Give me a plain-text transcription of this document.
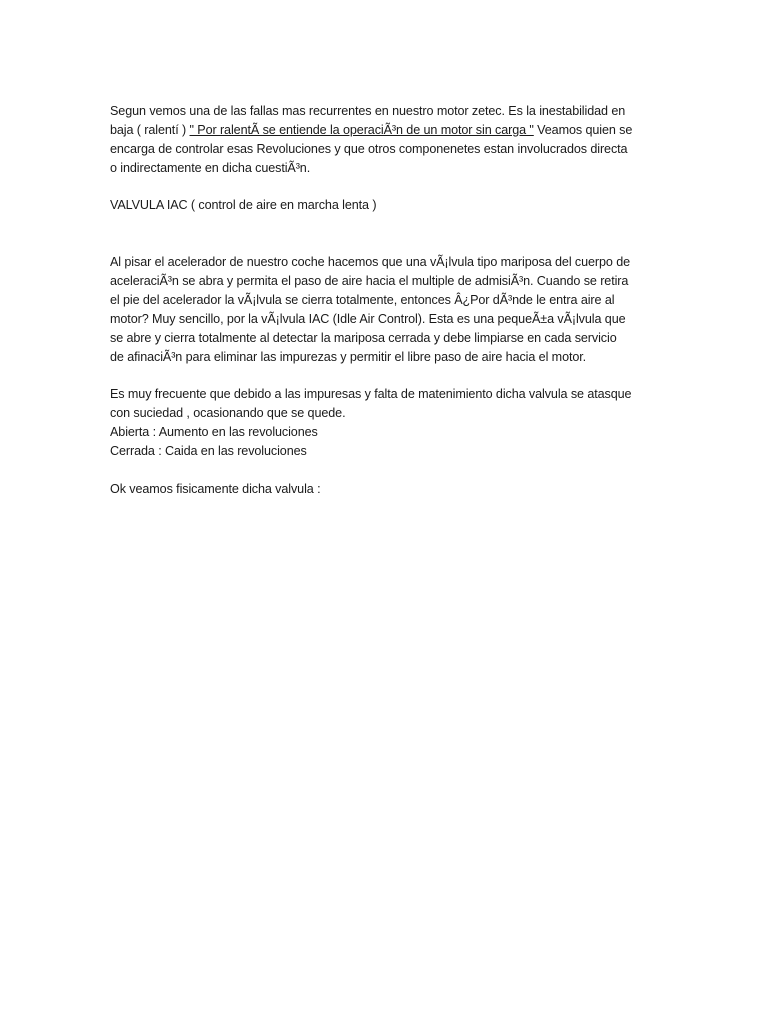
Segun vemos una de las fallas mas recurrentes en nuestro motor zetec. Es la inestabilidad en
baja ( ralentí ) " Por ralentÃ se entiende la operaciÃ³n de un motor sin carga " Veamos quien se
encarga de controlar esas Revoluciones y que otros componenetes estan involucrados directa
o indirectamente en dicha cuestiÃ³n.
VALVULA IAC ( control de aire en marcha lenta )
Al pisar el acelerador de nuestro coche hacemos que una vÃ¡lvula tipo mariposa del cuerpo de
aceleraciÃ³n se abra y permita el paso de aire hacia el multiple de admisiÃ³n. Cuando se retira
el pie del acelerador la vÃ¡lvula se cierra totalmente, entonces Â¿Por dÃ³nde le entra aire al
motor? Muy sencillo, por la vÃ¡lvula IAC (Idle Air Control). Esta es una pequeÃ±a vÃ¡lvula que
se abre y cierra totalmente al detectar la mariposa cerrada y debe limpiarse en cada servicio
de afinaciÃ³n para eliminar las impurezas y permitir el libre paso de aire hacia el motor.
Es muy frecuente que debido a las impuresas y falta de matenimiento dicha valvula se atasque
con suciedad , ocasionando que se quede.
Abierta : Aumento en las revoluciones
Cerrada : Caida en las revoluciones
Ok veamos fisicamente dicha valvula :
